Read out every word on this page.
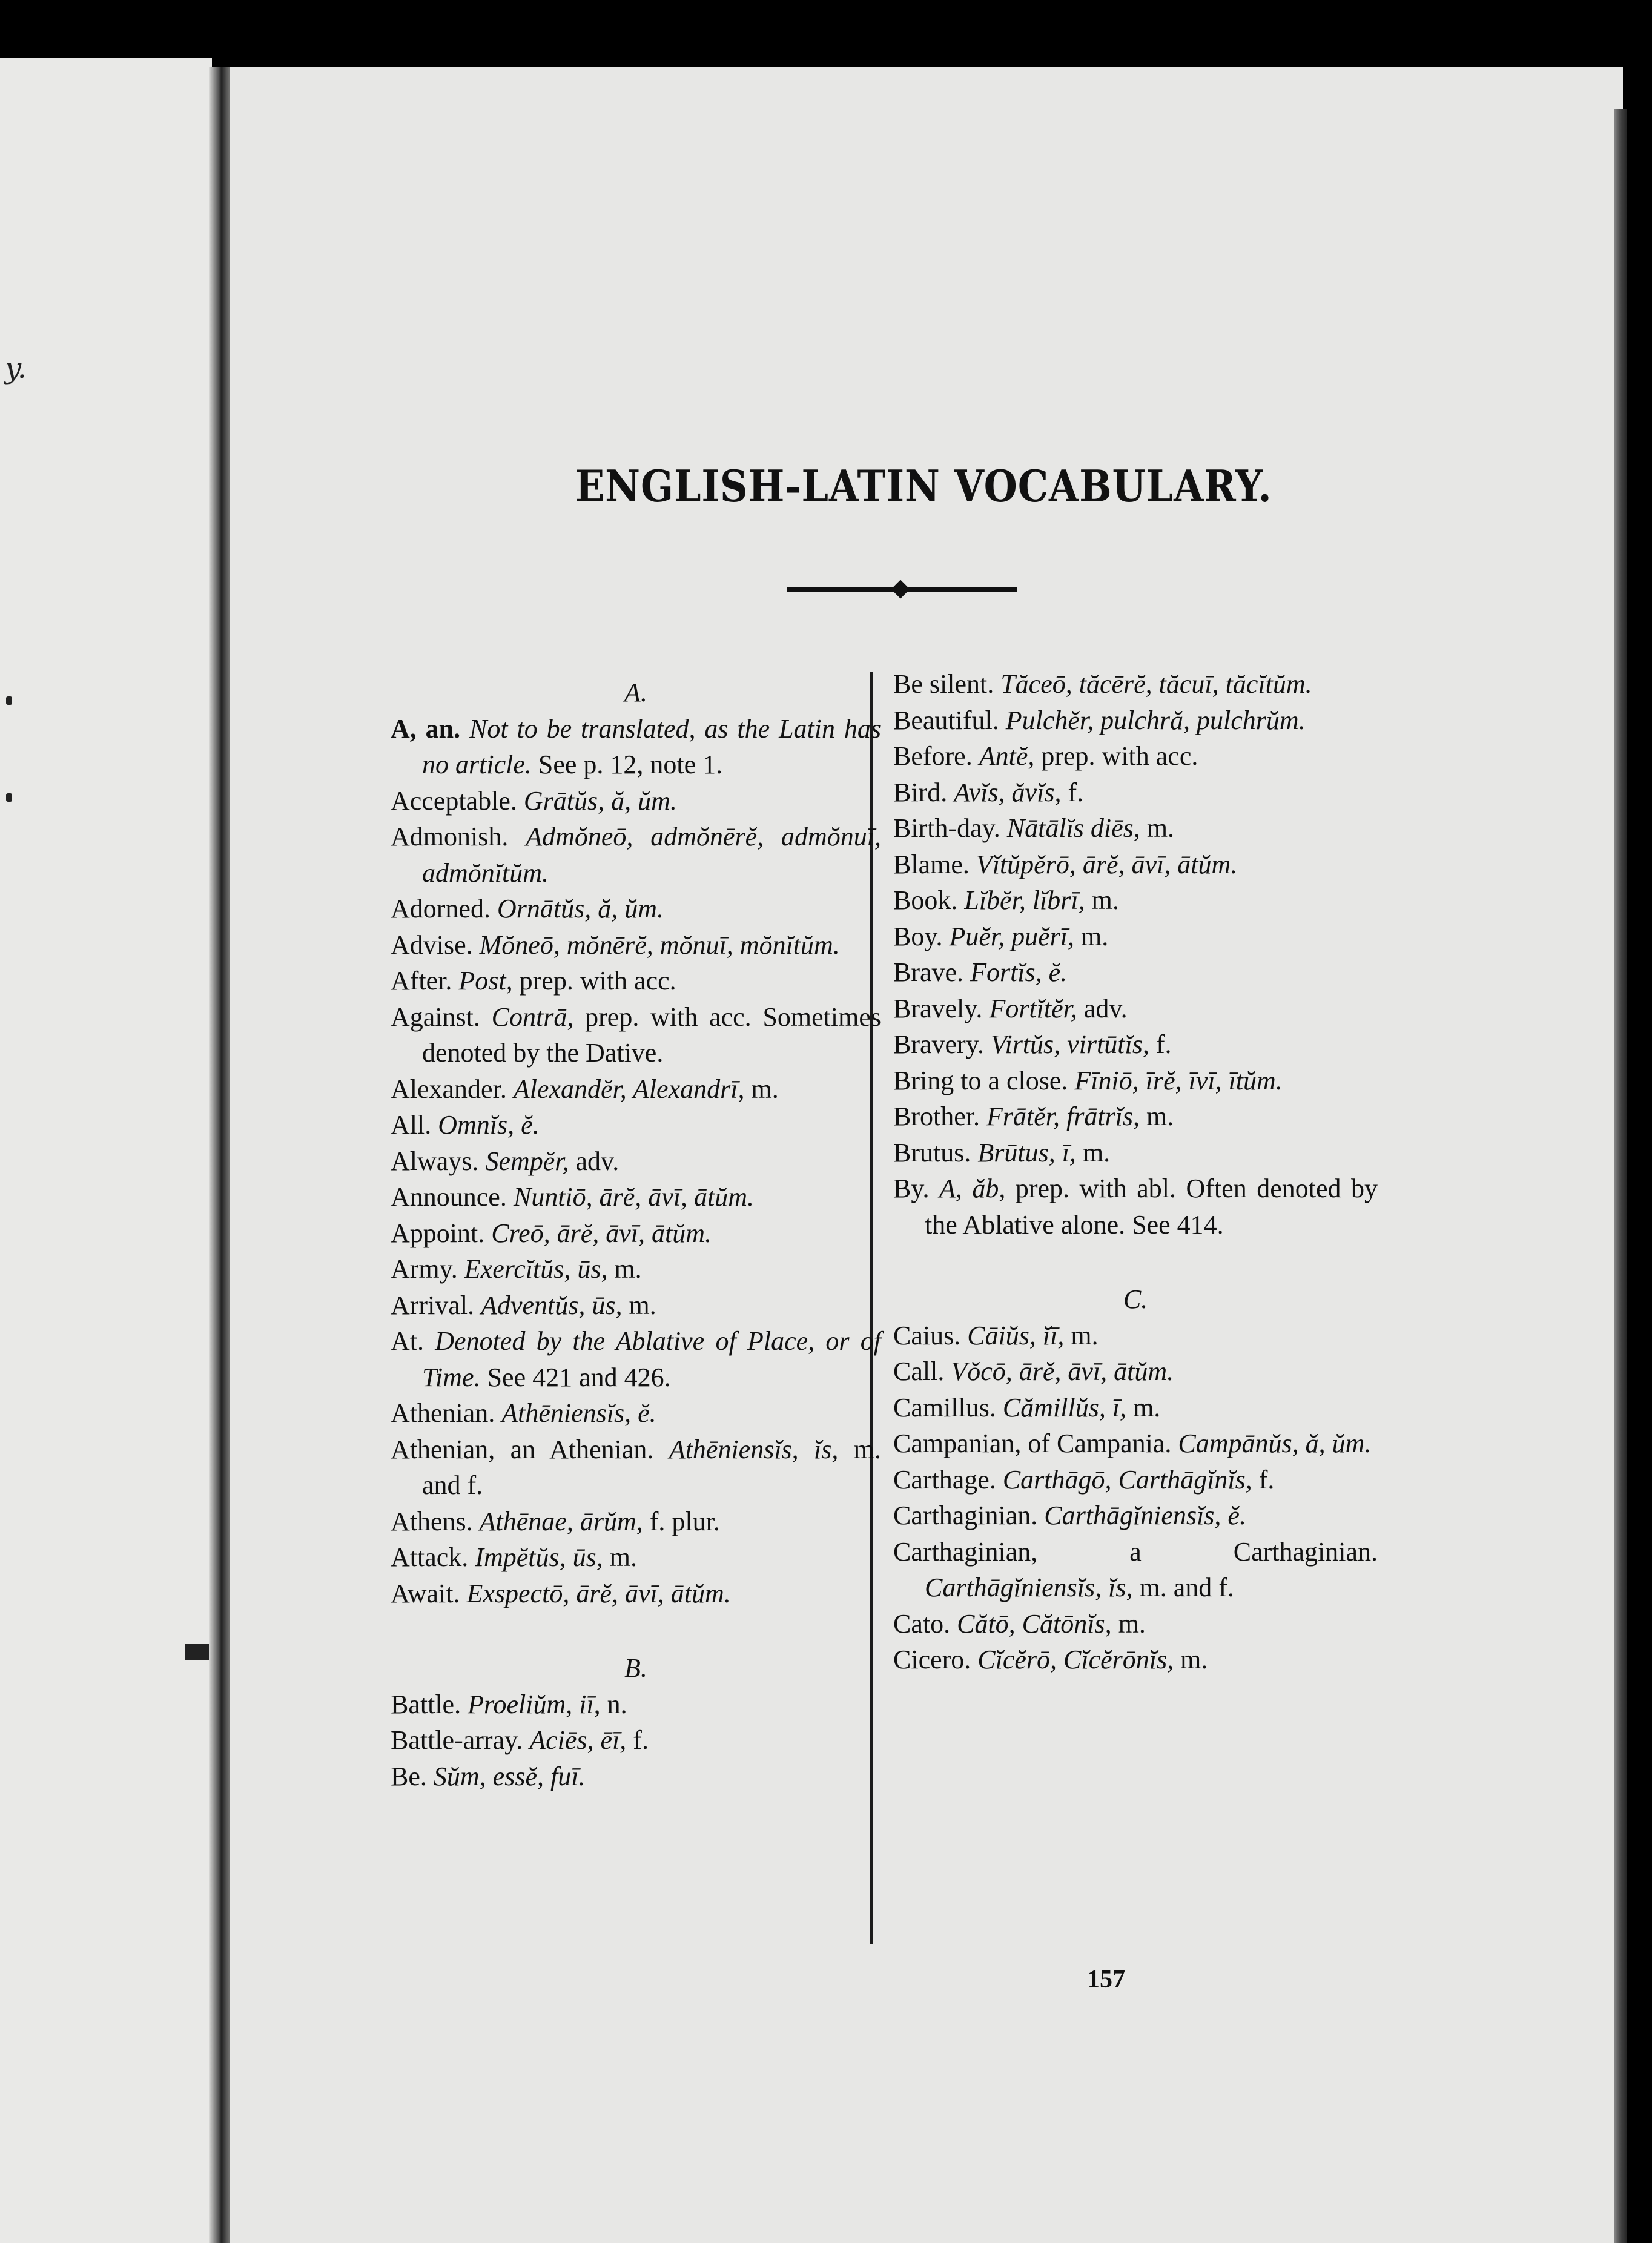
y.
ENGLISH-LATIN VOCABULARY.
A.
A, an. Not to be translated, as the Latin has no article. See p. 12, note 1.
Acceptable. Grātŭs, ă, ŭm.
Admonish. Admŏneō, admŏnērĕ, admŏnuī, admŏnĭtŭm.
Adorned. Ornātŭs, ă, ŭm.
Advise. Mŏneō, mŏnērĕ, mŏnuī, mŏnĭtŭm.
After. Post, prep. with acc.
Against. Contrā, prep. with acc. Sometimes denoted by the Dative.
Alexander. Alexandĕr, Alexandrī, m.
All. Omnĭs, ĕ.
Always. Sempĕr, adv.
Announce. Nuntiō, ārĕ, āvī, ātŭm.
Appoint. Creō, ārĕ, āvī, ātŭm.
Army. Exercĭtŭs, ūs, m.
Arrival. Adventŭs, ūs, m.
At. Denoted by the Ablative of Place, or of Time. See 421 and 426.
Athenian. Athēniensĭs, ĕ.
Athenian, an Athenian. Athēniensĭs, ĭs, m. and f.
Athens. Athēnae, ārŭm, f. plur.
Attack. Impĕtŭs, ūs, m.
Await. Exspectō, ārĕ, āvī, ātŭm.
B.
Battle. Proeliŭm, iī, n.
Battle-array. Aciēs, ēī, f.
Be. Sŭm, essĕ, fuī.
Be silent. Tăceō, tăcērĕ, tăcuī, tăcĭtŭm.
Beautiful. Pulchĕr, pulchră, pulchrŭm.
Before. Antĕ, prep. with acc.
Bird. Avĭs, ăvĭs, f.
Birth-day. Nātālĭs diēs, m.
Blame. Vĭtŭpĕrō, ārĕ, āvī, ātŭm.
Book. Lĭbĕr, lĭbrī, m.
Boy. Puĕr, puĕrī, m.
Brave. Fortĭs, ĕ.
Bravely. Fortĭtĕr, adv.
Bravery. Virtŭs, virtūtĭs, f.
Bring to a close. Fīniō, īrĕ, īvī, ītŭm.
Brother. Frātĕr, frātrĭs, m.
Brutus. Brūtus, ī, m.
By. A, ăb, prep. with abl. Often denoted by the Ablative alone. See 414.
C.
Caius. Cāiŭs, ĭī, m.
Call. Vŏcō, ārĕ, āvī, ātŭm.
Camillus. Cămillŭs, ī, m.
Campanian, of Campania. Campānŭs, ă, ŭm.
Carthage. Carthāgō, Carthāgĭnĭs, f.
Carthaginian. Carthāgĭniensĭs, ĕ.
Carthaginian, a Carthaginian. Carthāgĭniensĭs, ĭs, m. and f.
Cato. Cătō, Cătōnĭs, m.
Cicero. Cĭcĕrō, Cĭcĕrōnĭs, m.
157
